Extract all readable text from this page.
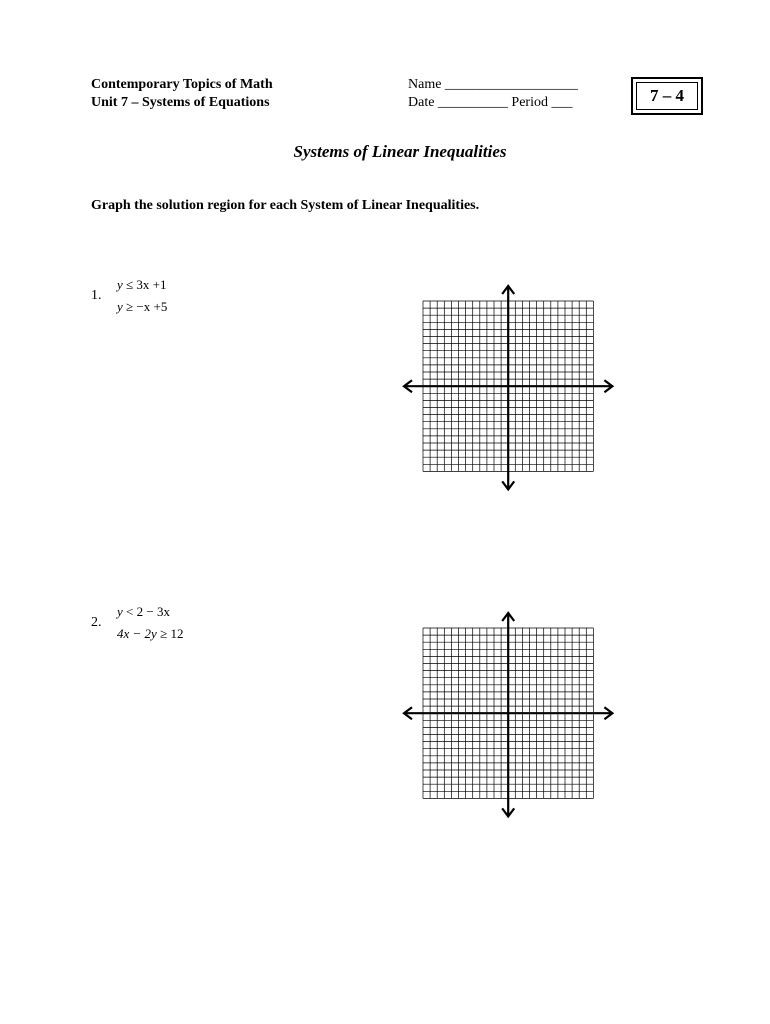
Contemporary Topics of Math
Unit 7 – Systems of Equations
Name ___________________
Date __________ Period ___	7 – 4
Systems of Linear Inequalities
Graph the solution region for each System of Linear Inequalities.
1.
y ≤ 3x +1
y ≥ −x +5
2.
y < 2 − 3x
4x − 2y ≥ 12
